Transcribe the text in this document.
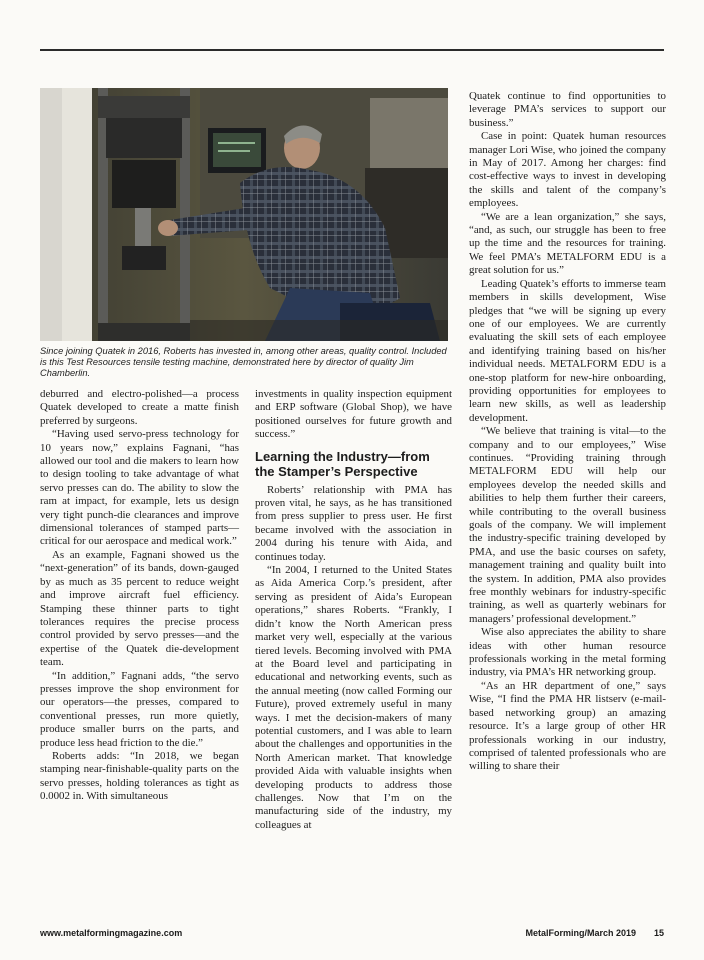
Since joining Quatek in 2016, Roberts has invested in, among other areas, quality control. Included is this Test Resources tensile testing machine, demonstrated here by director of quality Jim Chamberlin.

deburred and electro-polished—a process Quatek developed to create a matte finish preferred by surgeons.

“Having used servo-press technology for 10 years now,” explains Fagnani, “has allowed our tool and die makers to learn how to design tooling to take advantage of what servo presses can do. The ability to slow the ram at impact, for example, lets us design very tight punch-die clearances and improve dimensional tolerances of stamped parts—critical for our aerospace and medical work.”

As an example, Fagnani showed us the “next-generation” of its bands, down-gauged by as much as 35 percent to reduce weight and improve aircraft fuel efficiency. Stamping these thinner parts to tight tolerances requires the precise process control provided by servo presses—and the expertise of the Quatek die-development team.

“In addition,” Fagnani adds, “the servo presses improve the shop environment for our operators—the presses, compared to conventional presses, run more quietly, produce smaller burrs on the parts, and produce less head friction to the die.”

Roberts adds: “In 2018, we began stamping near-finishable-quality parts on the servo presses, holding tolerances as tight as 0.0002 in. With simultaneous

investments in quality inspection equipment and ERP software (Global Shop), we have positioned ourselves for future growth and success.”

Learning the Industry—from the Stamper’s Perspective

Roberts’ relationship with PMA has proven vital, he says, as he has transitioned from press supplier to press user. He first became involved with the association in 2004 during his tenure with Aida, and continues today.

“In 2004, I returned to the United States as Aida America Corp.’s president, after serving as president of Aida’s European operations,” shares Roberts. “Frankly, I didn’t know the North American press market very well, especially at the various tiered levels. Becoming involved with PMA at the Board level and participating in educational and networking events, such as the annual meeting (now called Forming our Future), proved extremely useful in many ways. I met the decision-makers of many potential customers, and I was able to learn about the challenges and opportunities in the North American market. That knowledge provided Aida with valuable insights when developing products to address those challenges. Now that I’m on the manufacturing side of the industry, my colleagues at

Quatek continue to find opportunities to leverage PMA’s services to support our business.”

Case in point: Quatek human resources manager Lori Wise, who joined the company in May of 2017. Among her charges: find cost-effective ways to invest in developing the skills and talent of the company’s employees.

“We are a lean organization,” she says, “and, as such, our struggle has been to free up the time and the resources for training. We feel PMA’s METALFORM EDU is a great solution for us.”

Leading Quatek’s efforts to immerse team members in skills development, Wise pledges that “we will be signing up every one of our employees. We are currently evaluating the skill sets of each employee and identifying training based on his/her individual needs. METALFORM EDU is a one-stop platform for new-hire onboarding, providing opportunities for employees to learn new skills, as well as leadership development.

“We believe that training is vital—to the company and to our employees,” Wise continues. “Providing training through METALFORM EDU will help our employees develop the needed skills and abilities to help them further their careers, while contributing to the overall business goals of the company. We will implement the industry-specific training developed by PMA, and use the basic courses on safety, management training and quality built into the system. In addition, PMA also provides free monthly webinars for industry-specific training, as well as quarterly webinars for managers’ professional development.”

Wise also appreciates the ability to share ideas with other human resource professionals working in the metal forming industry, via PMA’s HR networking group.

“As an HR department of one,” says Wise, “I find the PMA HR listserv (e-mail-based networking group) an amazing resource. It’s a large group of other HR professionals working in our industry, comprised of talented professionals who are willing to share their

www.metalformingmagazine.com	MetalForming/March 2019 15
